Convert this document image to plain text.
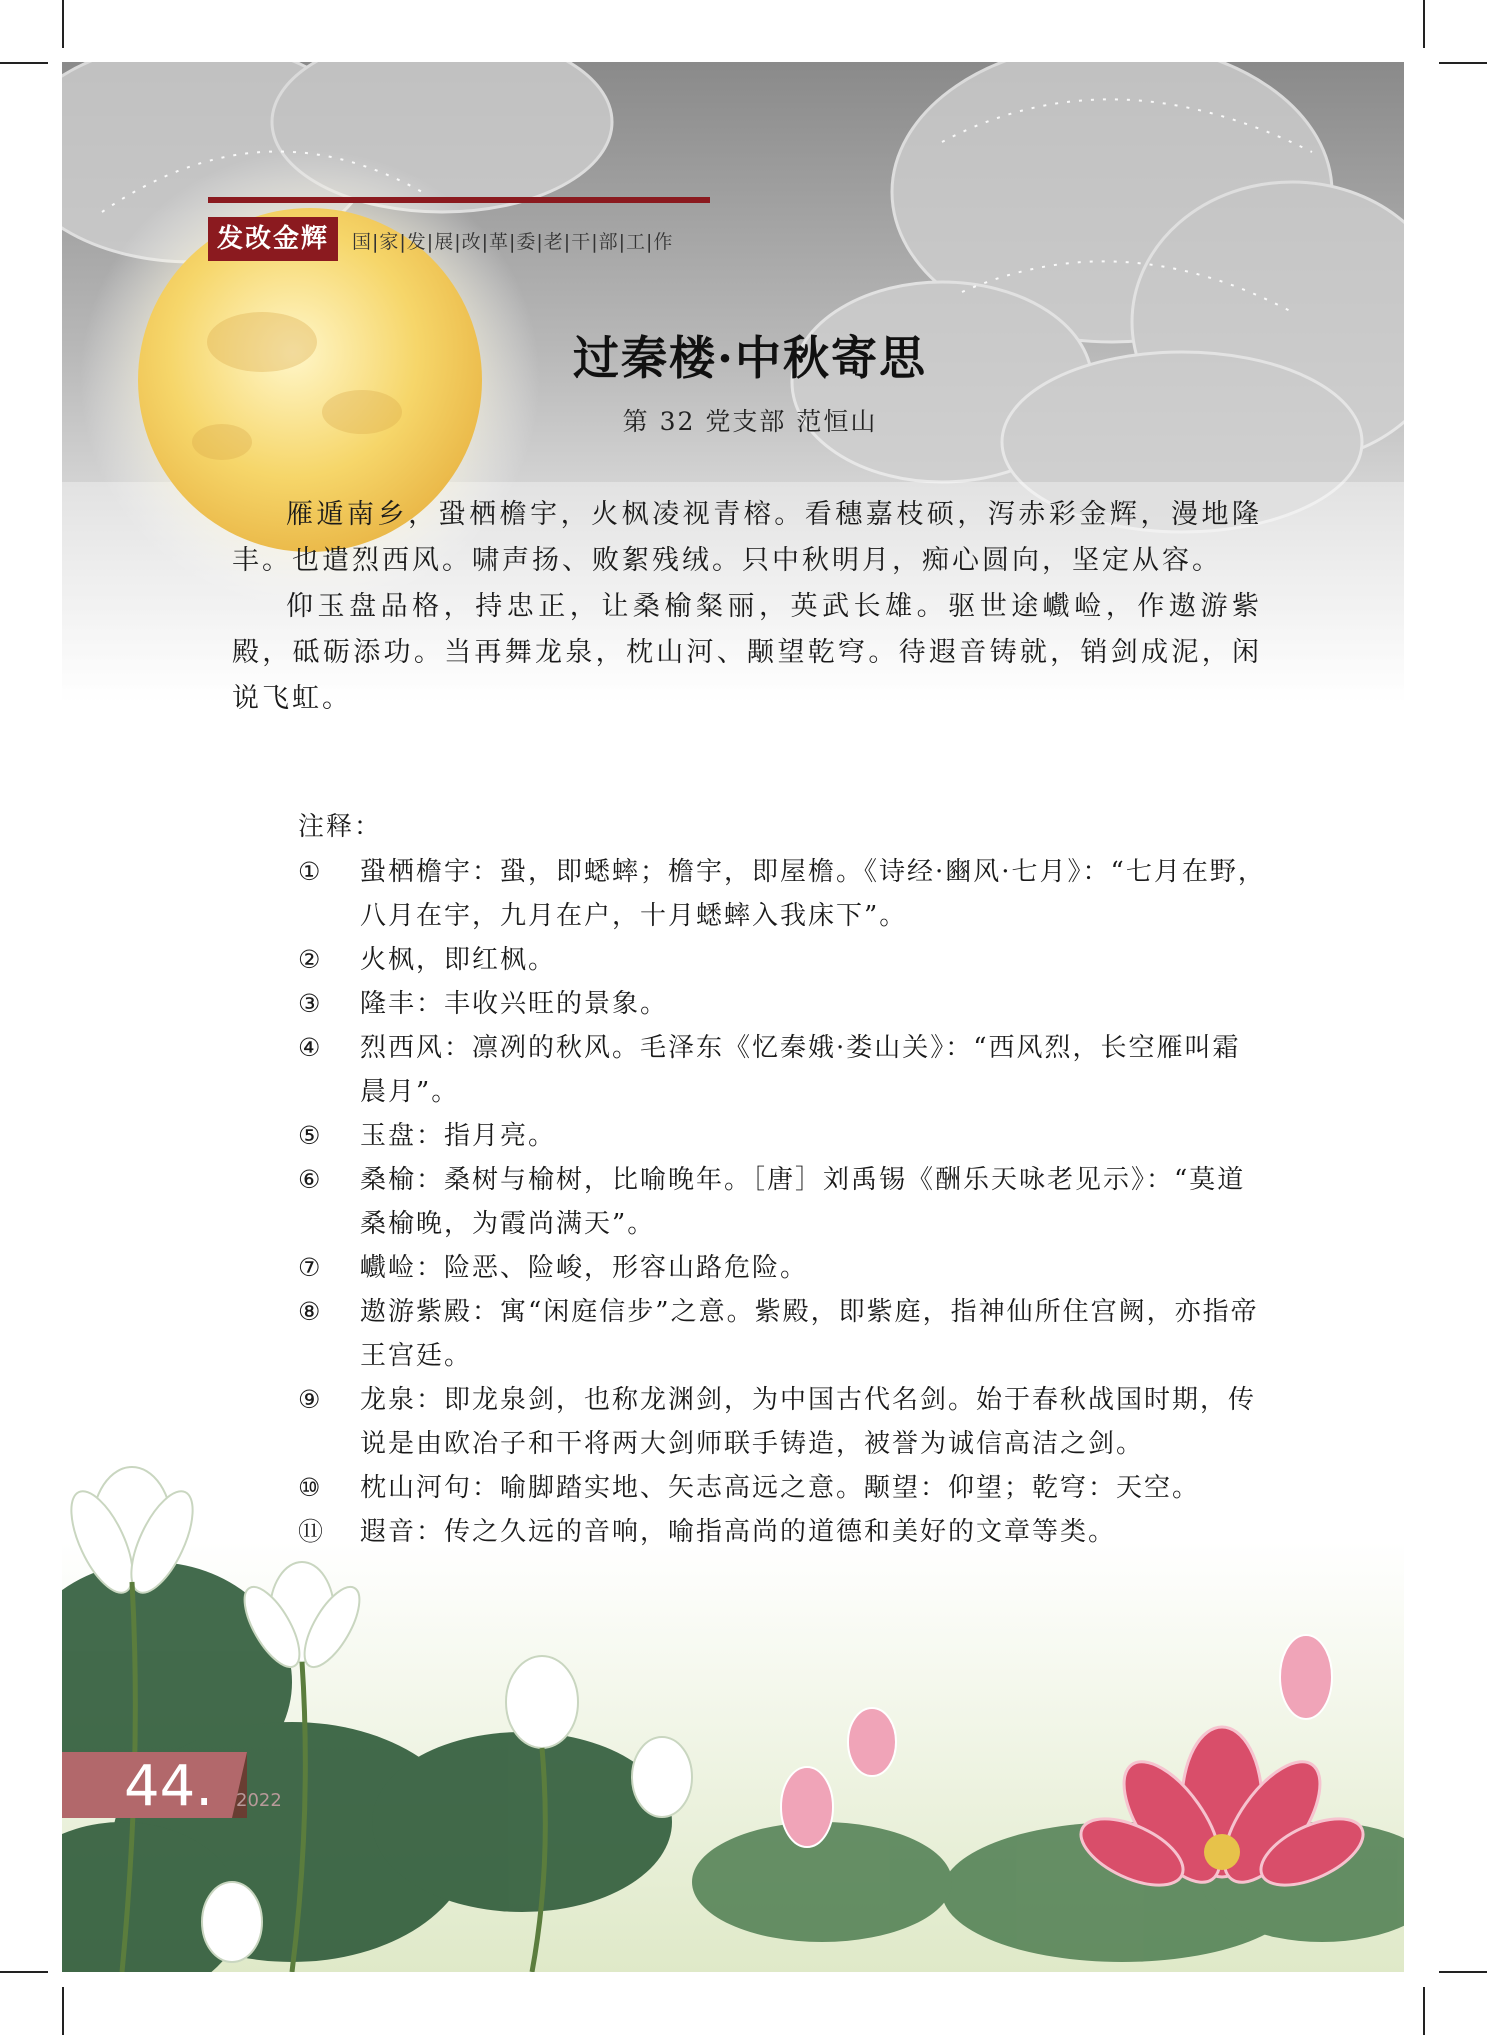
发改金辉	国|家|发|展|改|革|委|老|干|部|工|作
过秦楼·中秋寄思
第 32 党支部 范恒山

雁遁南乡，蛩栖檐宇，火枫凌视青榕。看穗嘉枝硕，泻赤彩金辉，漫地隆丰。也遣烈西风。啸声扬、败絮残绒。只中秋明月，痴心圆向，坚定从容。

仰玉盘品格，持忠正，让桑榆粲丽，英武长雄。驱世途巇崄，作遨游紫殿，砥砺添功。当再舞龙泉，枕山河、颙望乾穹。待遐音铸就，销剑成泥，闲说飞虹。

注释：
①	蛩栖檐宇：蛩，即蟋蟀；檐宇，即屋檐。《诗经·豳风·七月》：“七月在野，八月在宇，九月在户，十月蟋蟀入我床下”。
②	火枫，即红枫。
③	隆丰：丰收兴旺的景象。
④	烈西风：凛冽的秋风。毛泽东《忆秦娥·娄山关》：“西风烈，长空雁叫霜晨月”。
⑤	玉盘：指月亮。
⑥	桑榆：桑树与榆树，比喻晚年。［唐］刘禹锡《酬乐天咏老见示》：“莫道桑榆晚，为霞尚满天”。
⑦	巇崄：险恶、险峻，形容山路危险。
⑧	遨游紫殿：寓“闲庭信步”之意。紫殿，即紫庭，指神仙所住宫阙，亦指帝王宫廷。
⑨	龙泉：即龙泉剑，也称龙渊剑，为中国古代名剑。始于春秋战国时期，传说是由欧冶子和干将两大剑师联手铸造，被誉为诚信高洁之剑。
⑩	枕山河句：喻脚踏实地、矢志高远之意。颙望：仰望；乾穹：天空。
⑪	遐音：传之久远的音响，喻指高尚的道德和美好的文章等类。
44. 2022
